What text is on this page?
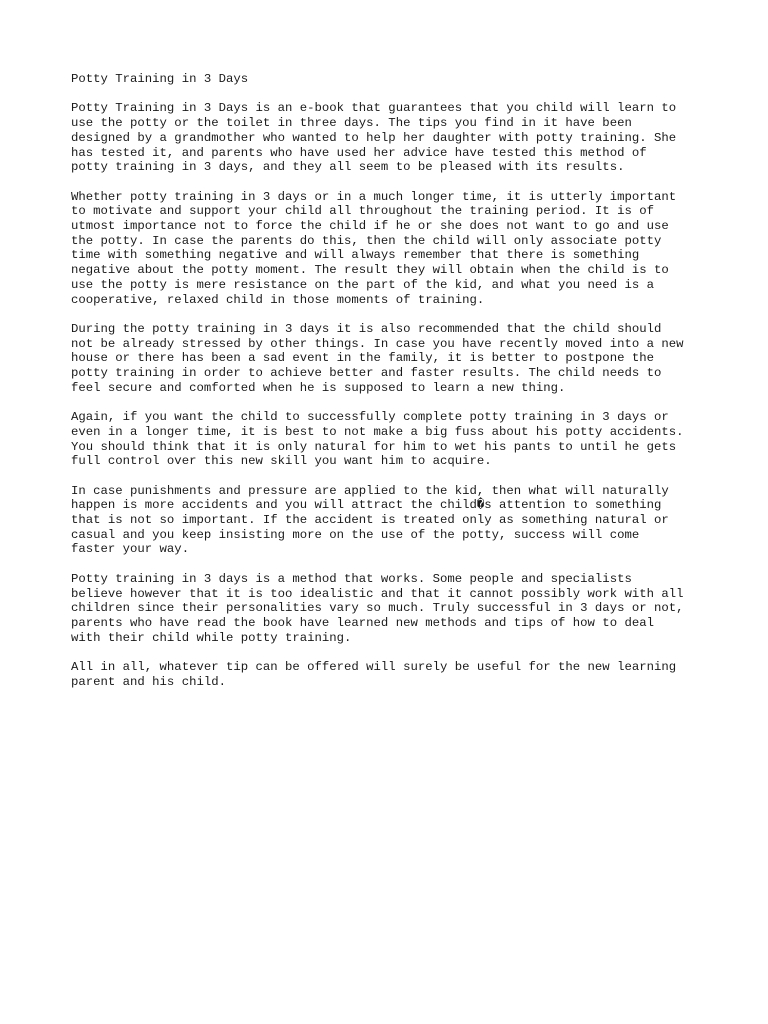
Potty Training in 3 Days
Potty Training in 3 Days is an e-book that guarantees that you child will learn to
use the potty or the toilet in three days. The tips you find in it have been
designed by a grandmother who wanted to help her daughter with potty training. She
has tested it, and parents who have used her advice have tested this method of
potty training in 3 days, and they all seem to be pleased with its results.
Whether potty training in 3 days or in a much longer time, it is utterly important
to motivate and support your child all throughout the training period. It is of
utmost importance not to force the child if he or she does not want to go and use
the potty. In case the parents do this, then the child will only associate potty
time with something negative and will always remember that there is something
negative about the potty moment. The result they will obtain when the child is to
use the potty is mere resistance on the part of the kid, and what you need is a
cooperative, relaxed child in those moments of training.
During the potty training in 3 days it is also recommended that the child should
not be already stressed by other things. In case you have recently moved into a new
house or there has been a sad event in the family, it is better to postpone the
potty training in order to achieve better and faster results. The child needs to
feel secure and comforted when he is supposed to learn a new thing.
Again, if you want the child to successfully complete potty training in 3 days or
even in a longer time, it is best to not make a big fuss about his potty accidents.
You should think that it is only natural for him to wet his pants to until he gets
full control over this new skill you want him to acquire.
In case punishments and pressure are applied to the kid, then what will naturally
happen is more accidents and you will attract the child�s attention to something
that is not so important. If the accident is treated only as something natural or
casual and you keep insisting more on the use of the potty, success will come
faster your way.
Potty training in 3 days is a method that works. Some people and specialists
believe however that it is too idealistic and that it cannot possibly work with all
children since their personalities vary so much. Truly successful in 3 days or not,
parents who have read the book have learned new methods and tips of how to deal
with their child while potty training.
All in all, whatever tip can be offered will surely be useful for the new learning
parent and his child.
